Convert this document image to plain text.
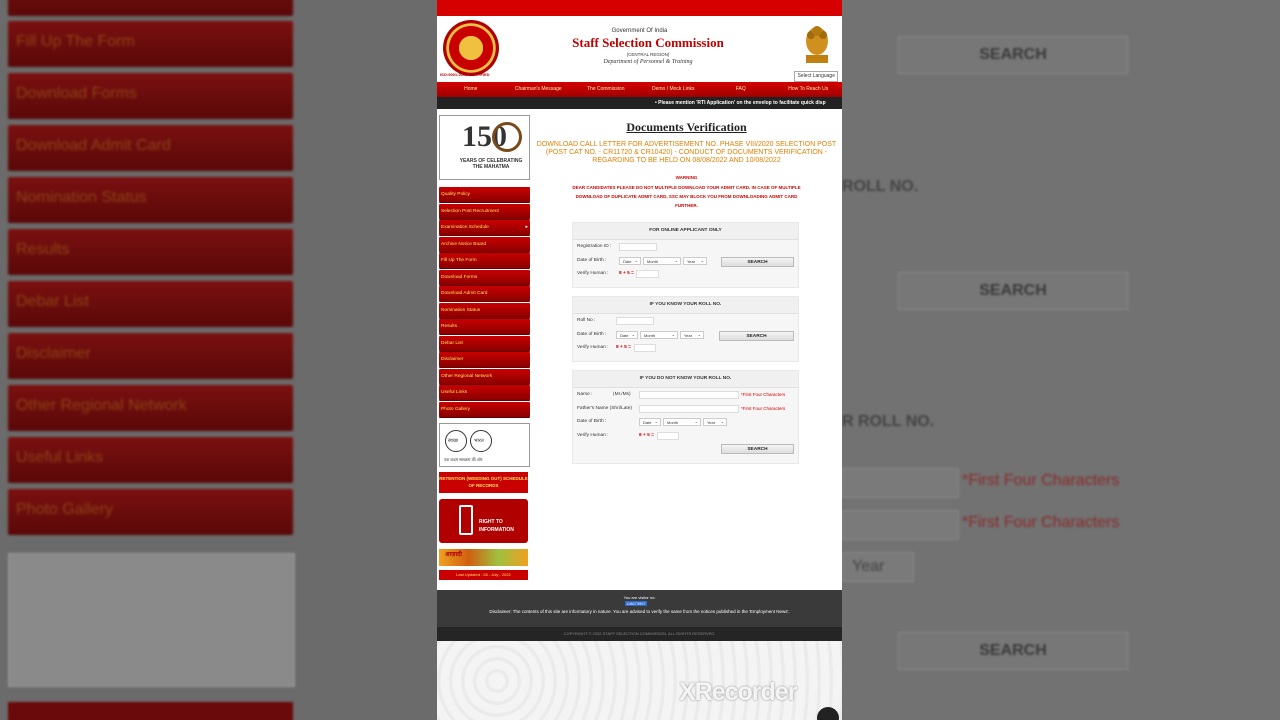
Fill Up The Form
Download Forms
Download Admit Card
Nomination Status
Results
Debar List
Disclaimer
Other Regional Network
Useful Links
Photo Gallery
SEARCH
ROLL NO.
SEARCH
R ROLL NO.
*First Four Characters
*First Four Characters
Year
SEARCH
ISO:9001:2008 CERTIFIED
Government Of India
Staff Selection Commission
(CENTRAL REGION)
Department of Personnel & Training
Select Language
Home	Chairman's Message	The Commission	Demo / Mock Links	FAQ	How To Reach Us
• Please mention 'RTI Application' on the envelop to facilitate quick disp
150
YEARS OF CELEBRATING THE MAHATMA
Quality Policy
Selection Post Recruitment
Examination Schedule	▸
Archive Notice Board
Fill Up The Form
Download Forms
Download Admit Card
Nomination Status
Results
Debar List
Disclaimer
Other Regional Network
Useful Links
Photo Gallery
स्वच्छ	भारत
एक कदम स्वच्छता की ओर
RETENTION (WEEDING OUT) SCHEDULE OF RECORDS
RIGHT TO INFORMATION
आज़ादी
Last Updated : 28 - July - 2022
Documents Verification
DOWNLOAD CALL LETTER FOR ADVERTISEMENT NO. PHASE VIII/2020 SELECTION POST (POST CAT NO. - CR11720 & CR10420) - CONDUCT OF DOCUMENTS VERIFICATION - REGARDING TO BE HELD ON 08/08/2022 AND 10/08/2022
WARNING
DEAR CANDIDATES PLEASE DO NOT MULTIPLE DOWNLOAD YOUR ADMIT CARD. IN CASE OF MULTIPLE DOWNLOAD OF DUPLICATE ADMIT CARD, SSC MAY BLOCK YOU FROM DOWNLOADING ADMIT CARD FURTHER.
FOR ONLINE APPLICANT ONLY
Registration ID :
Date of Birth :	Date ⌄	Month ⌄	Year ⌄	SEARCH
Verify Human : 8 + 5 =
IF YOU KNOW YOUR ROLL NO.
Roll No :
Date of Birth :	Date ⌄	Month ⌄	Year ⌄	SEARCH
Verify Human : 8 + 5 =
IF YOU DO NOT KNOW YOUR ROLL NO.
Name :	(Mr./Ms)	*First Four Characters
Father's Name (Shri/Late)	*First Four Characters
Date of Birth :	Date ⌄	Month ⌄	Year ⌄
Verify Human :	8 + 5 =
SEARCH
You are visitor no:
118673957
Disclaimer: The contents of this site are informatory in nature. You are advised to verify the same from the notices published in the 'Employment News'.
COPYRIGHT © 2022 STAFF SELECTION COMMISSION. ALL RIGHTS RESERVED.
XRecorder
